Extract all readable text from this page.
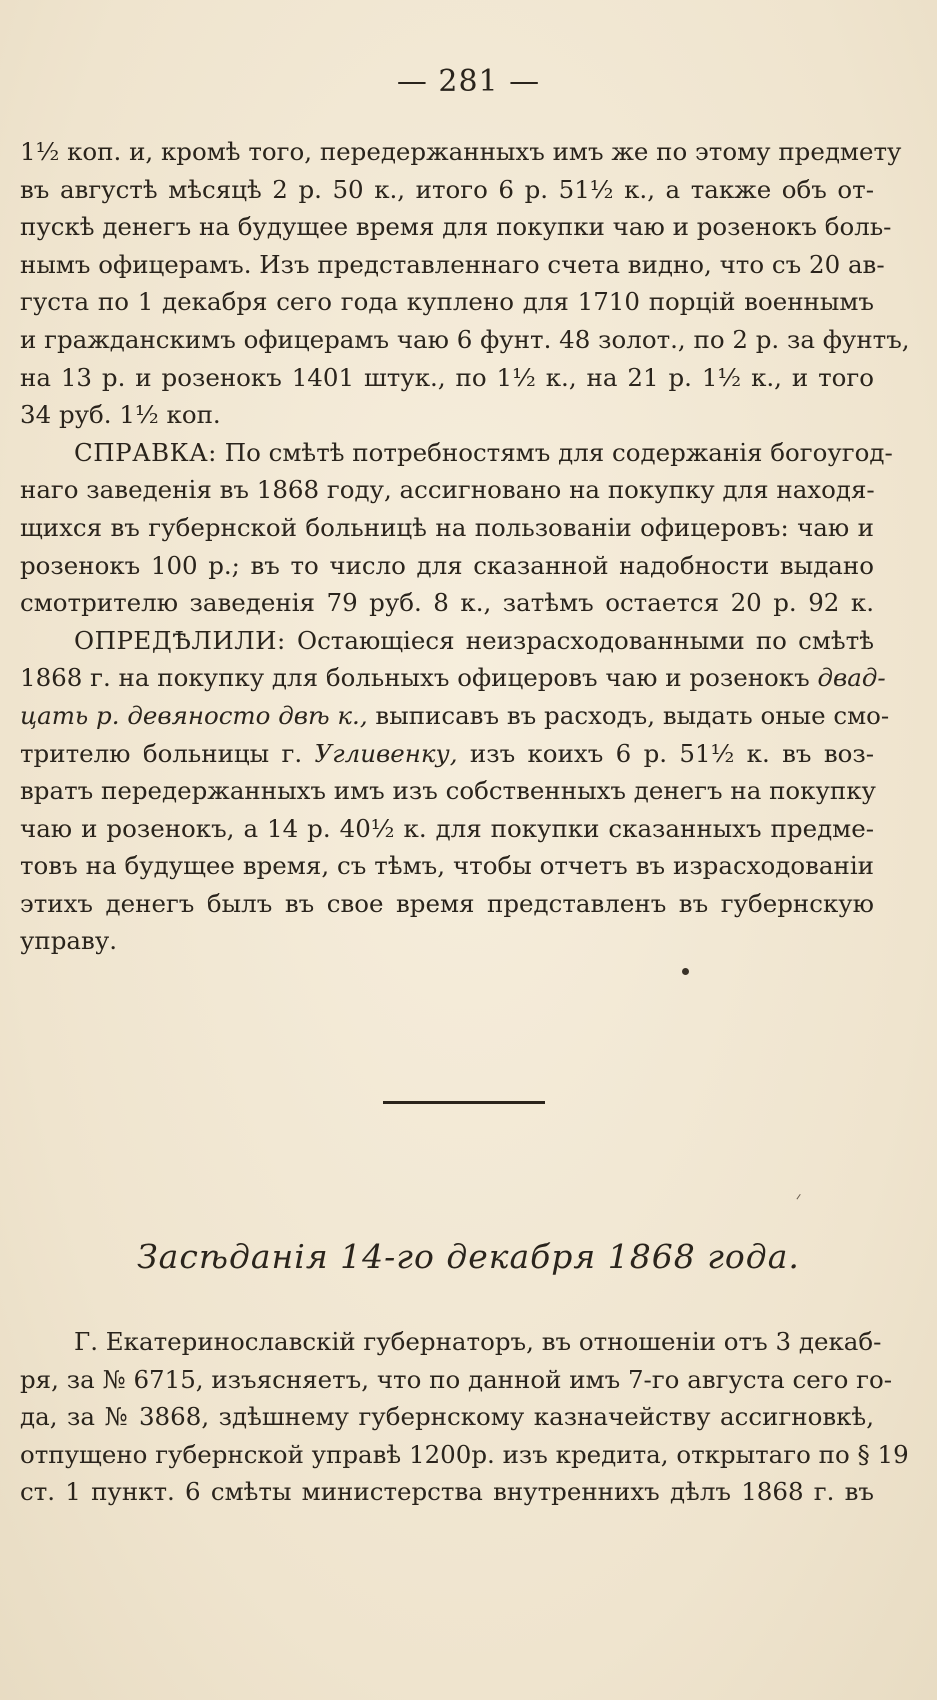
— 281 —
1½ коп. и, кромѣ того, передержанныхъ имъ же по этому предмету
въ августѣ мѣсяцѣ 2 р. 50 к., итого 6 р. 51½ к., а также объ от-
пускѣ денегъ на будущее время для покупки чаю и розенокъ боль-
нымъ офицерамъ. Изъ представленнаго счета видно, что съ 20 ав-
густа по 1 декабря сего года куплено для 1710 порцій военнымъ
и гражданскимъ офицерамъ чаю 6 фунт. 48 золот., по 2 р. за фунтъ,
на 13 р. и розенокъ 1401 штук., по 1½ к., на 21 р. 1½ к., и того
34 руб. 1½ коп.
СПРАВКА: По смѣтѣ потребностямъ для содержанія богоугод-
наго заведенія въ 1868 году, ассигновано на покупку для находя-
щихся въ губернской больницѣ на пользованіи офицеровъ: чаю и
розенокъ 100 р.; въ то число для сказанной надобности выдано
смотрителю заведенія 79 руб. 8 к., затѣмъ остается 20 р. 92 к.
ОПРЕДѢЛИЛИ: Остающіеся неизрасходованными по смѣтѣ
1868 г. на покупку для больныхъ офицеровъ чаю и розенокъ двад-
цать р. девяносто двѣ к., выписавъ въ расходъ, выдать оные смо-
трителю больницы г. Угливенку, изъ коихъ 6 р. 51½ к. въ воз-
вратъ передержанныхъ имъ изъ собственныхъ денегъ на покупку
чаю и розенокъ, а 14 р. 40½ к. для покупки сказанныхъ предме-
товъ на будущее время, съ тѣмъ, чтобы отчетъ въ израсходованіи
этихъ денегъ былъ въ свое время представленъ въ губернскую
управу.
Засѣданія 14-го декабря 1868 года.
Г. Екатеринославскій губернаторъ, въ отношеніи отъ 3 декаб-
ря, за № 6715, изъясняетъ, что по данной имъ 7-го августа сего го-
да, за № 3868, здѣшнему губернскому казначейству ассигновкѣ,
отпущено губернской управѣ 1200р. изъ кредита, открытаго по § 19
ст. 1 пункт. 6 смѣты министерства внутреннихъ дѣлъ 1868 г. въ
